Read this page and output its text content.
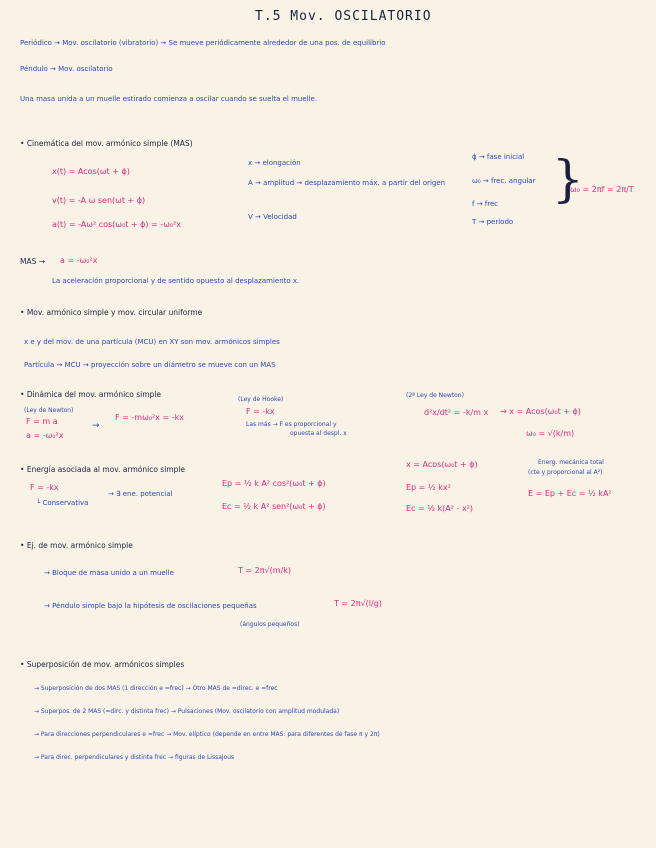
T.5 Mov. OSCILATORIO
Periódico → Mov. oscilatorio (vibratorio) → Se mueve periódicamente alrededor de una pos. de equilibrio
Péndulo → Mov. oscilatorio
Una masa unida a un muelle estirado comienza a oscilar cuando se suelta el muelle.
• Cinemática del mov. armónico simple (MAS)
x(t) = Acos(ωt + ϕ)
v(t) = -A ω sen(ωt + ϕ)
a(t) = -Aω² cos(ω₀t + ϕ) = -ω₀²x
x → elongación
A → amplitud → desplazamiento máx. a partir del origen
V → Velocidad
ϕ → fase inicial
ω₀ → frec. angular
f → frec
T → periodo
}
ω₀ = 2πf = 2π/T
MAS → a = -ω₀²x
La aceleración proporcional y de sentido opuesto al desplazamiento x.
• Mov. armónico simple y mov. circular uniforme
x e y del mov. de una partícula (MCU) en XY son mov. armónicos simples
Partícula → MCU → proyección sobre un diámetro se mueve con un MAS
• Dinámica del mov. armónico simple
(Ley de Newton)
F = m a
a = -ω₀²x
→
F = -mω₀²x = -kx
(Ley de Hooke)
F = -kx
Las más → F es proporcional y
opuesta al despl. x
(2ª Ley de Newton)
d²x/dt² = -k/m x → x = Acos(ω₀t + ϕ)
ω₀ = √(k/m)
• Energía asociada al mov. armónico simple
F = -kx
└ Conservativa
→ ∃ ene. potencial
Ep = ½ k A² cos²(ω₀t + ϕ)
Ec = ½ k A² sen²(ω₀t + ϕ)
x = Acos(ω₀t + ϕ)
Ep = ½ kx²
Ec = ½ k(A² - x²)
Energ. mecánica total
(cte y proporcional al A²)
E = Ep + Ec = ½ kA²
• Ej. de mov. armónico simple
→ Bloque de masa unido a un muelle	T = 2π√(m/k)
→ Péndulo simple bajo la hipótesis de oscilaciones pequeñas	T = 2π√(l/g)
(ángulos pequeños)
• Superposición de mov. armónicos simples
→ Superposición de dos MAS (1 dirección e =frec) → Otro MAS de =direc. e =frec
→ Superpos. de 2 MAS (=dirc. y distinta frec) → Pulsaciones (Mov. oscilatorio con amplitud modulada)
→ Para direcciones perpendiculares e =frec → Mov. elíptico (depende en entre MAS: para diferentes de fase π y 2π)
→ Para direc. perpendiculares y distinta frec → figuras de Lissajous
